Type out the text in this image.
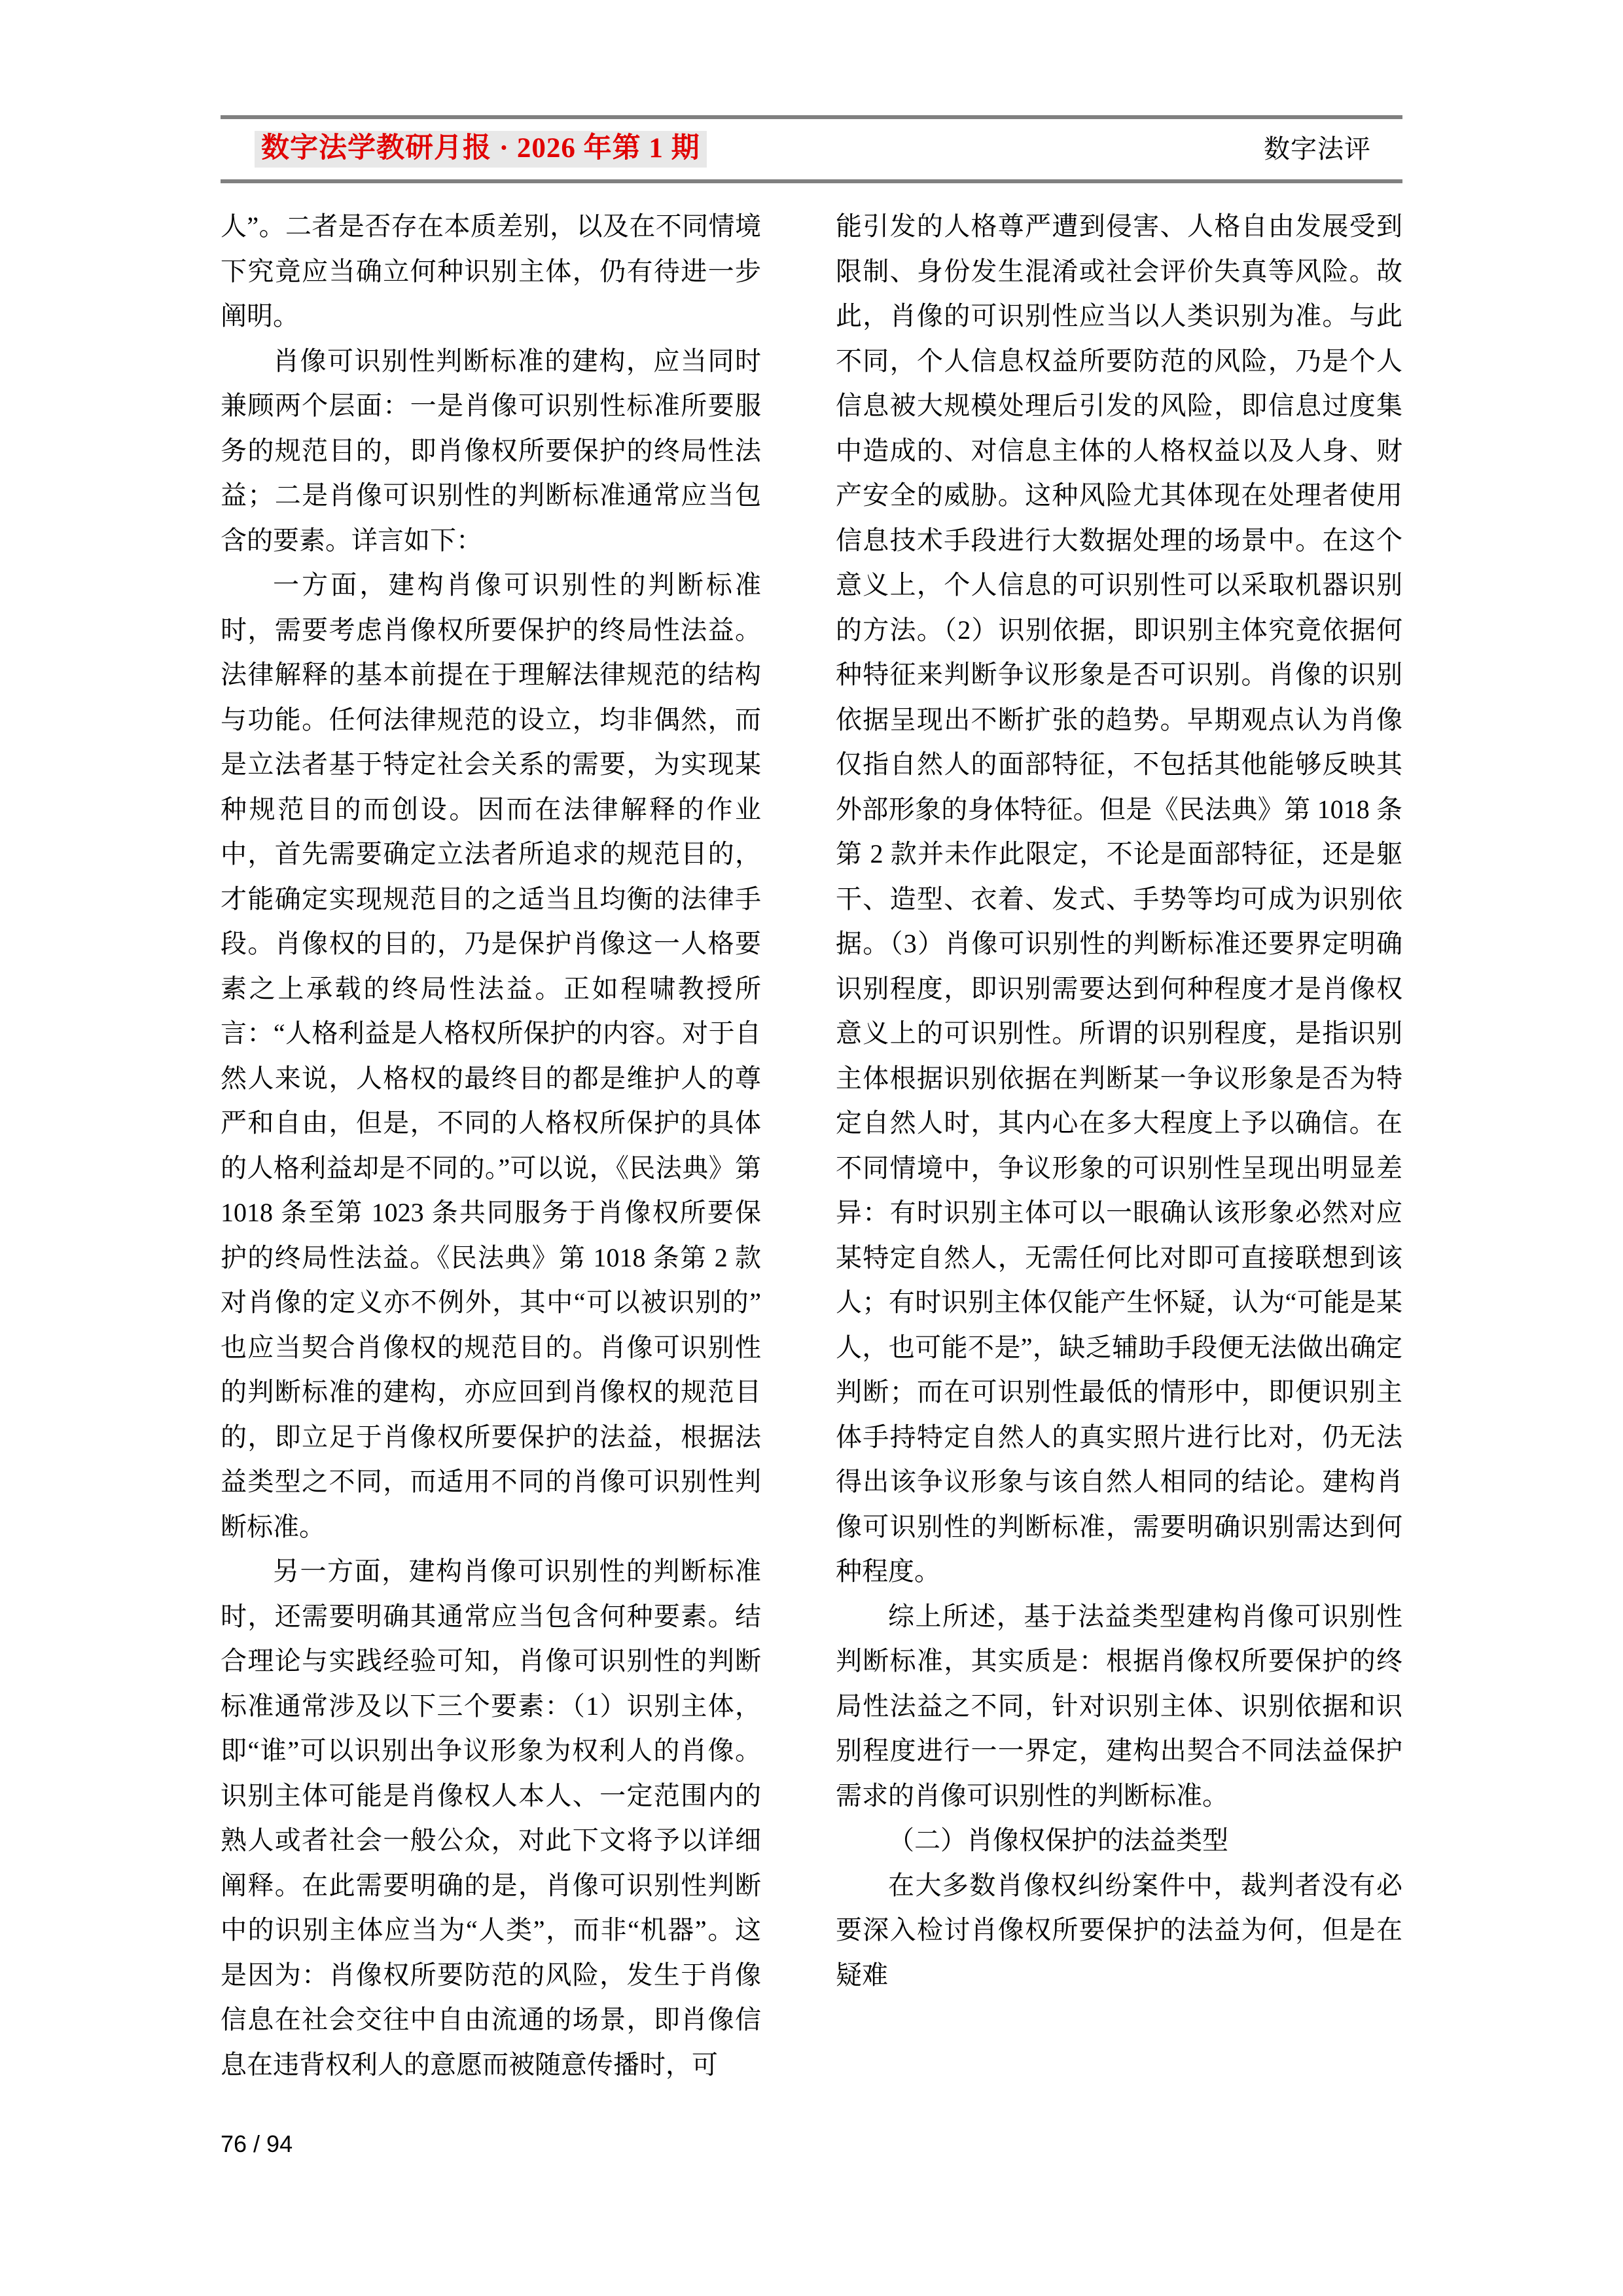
数字法学教研月报 · 2026 年第 1 期	数字法评

人”。二者是否存在本质差别，以及在不同情境下究竟应当确立何种识别主体，仍有待进一步阐明。

肖像可识别性判断标准的建构，应当同时兼顾两个层面：一是肖像可识别性标准所要服务的规范目的，即肖像权所要保护的终局性法益；二是肖像可识别性的判断标准通常应当包含的要素。详言如下：

一方面，建构肖像可识别性的判断标准时，需要考虑肖像权所要保护的终局性法益。法律解释的基本前提在于理解法律规范的结构与功能。任何法律规范的设立，均非偶然，而是立法者基于特定社会关系的需要，为实现某种规范目的而创设。因而在法律解释的作业中，首先需要确定立法者所追求的规范目的，才能确定实现规范目的之适当且均衡的法律手段。肖像权的目的，乃是保护肖像这一人格要素之上承载的终局性法益。正如程啸教授所言：“人格利益是人格权所保护的内容。对于自然人来说，人格权的最终目的都是维护人的尊严和自由，但是，不同的人格权所保护的具体的人格利益却是不同的。”可以说，《民法典》第 1018 条至第 1023 条共同服务于肖像权所要保护的终局性法益。《民法典》第 1018 条第 2 款对肖像的定义亦不例外，其中“可以被识别的”也应当契合肖像权的规范目的。肖像可识别性的判断标准的建构，亦应回到肖像权的规范目的，即立足于肖像权所要保护的法益，根据法益类型之不同，而适用不同的肖像可识别性判断标准。

另一方面，建构肖像可识别性的判断标准时，还需要明确其通常应当包含何种要素。结合理论与实践经验可知，肖像可识别性的判断标准通常涉及以下三个要素：（1）识别主体，即“谁”可以识别出争议形象为权利人的肖像。识别主体可能是肖像权人本人、一定范围内的熟人或者社会一般公众，对此下文将予以详细阐释。在此需要明确的是，肖像可识别性判断中的识别主体应当为“人类”，而非“机器”。这是因为：肖像权所要防范的风险，发生于肖像信息在社会交往中自由流通的场景，即肖像信息在违背权利人的意愿而被随意传播时，可

能引发的人格尊严遭到侵害、人格自由发展受到限制、身份发生混淆或社会评价失真等风险。故此，肖像的可识别性应当以人类识别为准。与此不同，个人信息权益所要防范的风险，乃是个人信息被大规模处理后引发的风险，即信息过度集中造成的、对信息主体的人格权益以及人身、财产安全的威胁。这种风险尤其体现在处理者使用信息技术手段进行大数据处理的场景中。在这个意义上，个人信息的可识别性可以采取机器识别的方法。（2）识别依据，即识别主体究竟依据何种特征来判断争议形象是否可识别。肖像的识别依据呈现出不断扩张的趋势。早期观点认为肖像仅指自然人的面部特征，不包括其他能够反映其外部形象的身体特征。但是《民法典》第 1018 条第 2 款并未作此限定，不论是面部特征，还是躯干、造型、衣着、发式、手势等均可成为识别依据。（3）肖像可识别性的判断标准还要界定明确识别程度，即识别需要达到何种程度才是肖像权意义上的可识别性。所谓的识别程度，是指识别主体根据识别依据在判断某一争议形象是否为特定自然人时，其内心在多大程度上予以确信。在不同情境中，争议形象的可识别性呈现出明显差异：有时识别主体可以一眼确认该形象必然对应某特定自然人，无需任何比对即可直接联想到该人；有时识别主体仅能产生怀疑，认为“可能是某人，也可能不是”，缺乏辅助手段便无法做出确定判断；而在可识别性最低的情形中，即便识别主体手持特定自然人的真实照片进行比对，仍无法得出该争议形象与该自然人相同的结论。建构肖像可识别性的判断标准，需要明确识别需达到何种程度。

综上所述，基于法益类型建构肖像可识别性判断标准，其实质是：根据肖像权所要保护的终局性法益之不同，针对识别主体、识别依据和识别程度进行一一界定，建构出契合不同法益保护需求的肖像可识别性的判断标准。

（二）肖像权保护的法益类型

在大多数肖像权纠纷案件中，裁判者没有必要深入检讨肖像权所要保护的法益为何，但是在疑难

76 / 94
